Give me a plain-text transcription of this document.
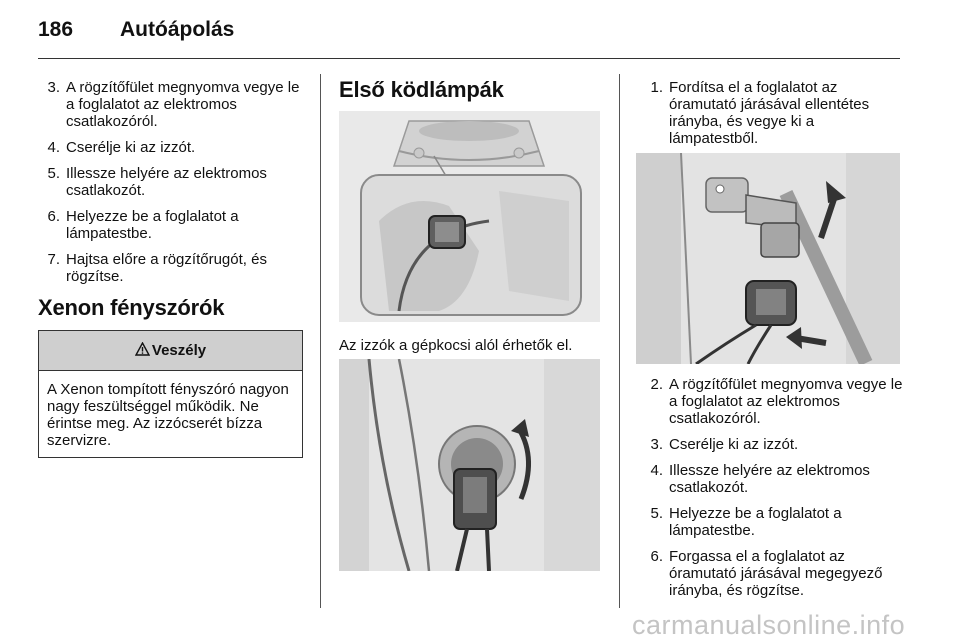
186	Autóápolás
3. A rögzítőfület megnyomva vegye le a foglalatot az elektromos csatlakozóról.
4. Cserélje ki az izzót.
5. Illessze helyére az elektromos csatlakozót.
6. Helyezze be a foglalatot a lámpatestbe.
7. Hajtsa előre a rögzítőrugót, és rögzítse.
Xenon fényszórók
Veszély
A Xenon tompított fényszóró nagyon nagy feszültséggel működik. Ne érintse meg. Az izzócserét bízza szervizre.
Első ködlámpák
Az izzók a gépkocsi alól érhetők el.
1. Fordítsa el a foglalatot az óramutató járásával ellentétes irányba, és vegye ki a lámpatestből.
2. A rögzítőfület megnyomva vegye le a foglalatot az elektromos csatlakozóról.
3. Cserélje ki az izzót.
4. Illessze helyére az elektromos csatlakozót.
5. Helyezze be a foglalatot a lámpatestbe.
6. Forgassa el a foglalatot az óramutató járásával megegyező irányba, és rögzítse.
carmanualsonline.info
